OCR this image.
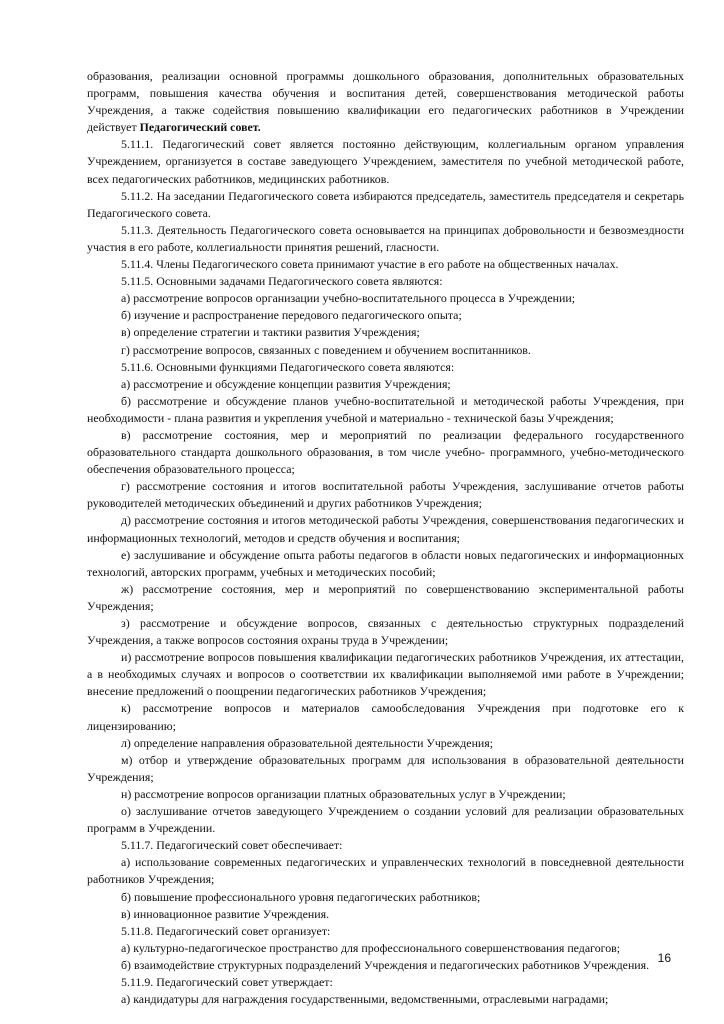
образования, реализации основной программы дошкольного образования, дополнительных образовательных программ, повышения качества обучения и воспитания детей, совершенствования методической работы Учреждения, а также содействия повышению квалификации его педагогических работников в Учреждении действует Педагогический совет.

5.11.1. Педагогический совет является постоянно действующим, коллегиальным органом управления Учреждением, организуется в составе заведующего Учреждением, заместителя по учебной методической работе, всех педагогических работников, медицинских работников.

5.11.2. На заседании Педагогического совета избираются председатель, заместитель председателя и секретарь Педагогического совета.

5.11.3. Деятельность Педагогического совета основывается на принципах добровольности и безвозмездности участия в его работе, коллегиальности принятия решений, гласности.

5.11.4. Члены Педагогического совета принимают участие в его работе на общественных началах.

5.11.5. Основными задачами Педагогического совета являются:

а) рассмотрение вопросов организации учебно-воспитательного процесса в Учреждении;

б) изучение и распространение передового педагогического опыта;

в) определение стратегии и тактики развития Учреждения;

г) рассмотрение вопросов, связанных с поведением и обучением воспитанников.

5.11.6. Основными функциями Педагогического совета являются:

а) рассмотрение и обсуждение концепции развития Учреждения;

б) рассмотрение и обсуждение планов учебно-воспитательной и методической работы Учреждения, при необходимости - плана развития и укрепления учебной и материально - технической базы Учреждения;

в) рассмотрение состояния, мер и мероприятий по реализации федерального государственного образовательного стандарта дошкольного образования, в том числе учебно- программного, учебно-методического обеспечения образовательного процесса;

г) рассмотрение состояния и итогов воспитательной работы Учреждения, заслушивание отчетов работы руководителей методических объединений и других работников Учреждения;

д) рассмотрение состояния и итогов методической работы Учреждения, совершенствования педагогических и информационных технологий, методов и средств обучения и воспитания;

е) заслушивание и обсуждение опыта работы педагогов в области новых педагогических и информационных технологий, авторских программ, учебных и методических пособий;

ж) рассмотрение состояния, мер и мероприятий по совершенствованию экспериментальной работы Учреждения;

з) рассмотрение и обсуждение вопросов, связанных с деятельностью структурных подразделений Учреждения, а также вопросов состояния охраны труда в Учреждении;

и) рассмотрение вопросов повышения квалификации педагогических работников Учреждения, их аттестации, а в необходимых случаях и вопросов о соответствии их квалификации выполняемой ими работе в Учреждении; внесение предложений о поощрении педагогических работников Учреждения;

к) рассмотрение вопросов и материалов самообследования Учреждения при подготовке его к лицензированию;

л) определение направления образовательной деятельности Учреждения;

м) отбор и утверждение образовательных программ для использования в образовательной деятельности Учреждения;

н) рассмотрение вопросов организации платных образовательных услуг в Учреждении;

о) заслушивание отчетов заведующего Учреждением о создании условий для реализации образовательных программ в Учреждении.

5.11.7. Педагогический совет обеспечивает:

а) использование современных педагогических и управленческих технологий в повседневной деятельности работников Учреждения;

б) повышение профессионального уровня педагогических работников;

в) инновационное развитие Учреждения.

5.11.8. Педагогический совет организует:

а) культурно-педагогическое пространство для профессионального совершенствования педагогов;

б) взаимодействие структурных подразделений Учреждения и педагогических работников Учреждения.

5.11.9. Педагогический совет утверждает:

а) кандидатуры для награждения государственными, ведомственными, отраслевыми наградами;

16
